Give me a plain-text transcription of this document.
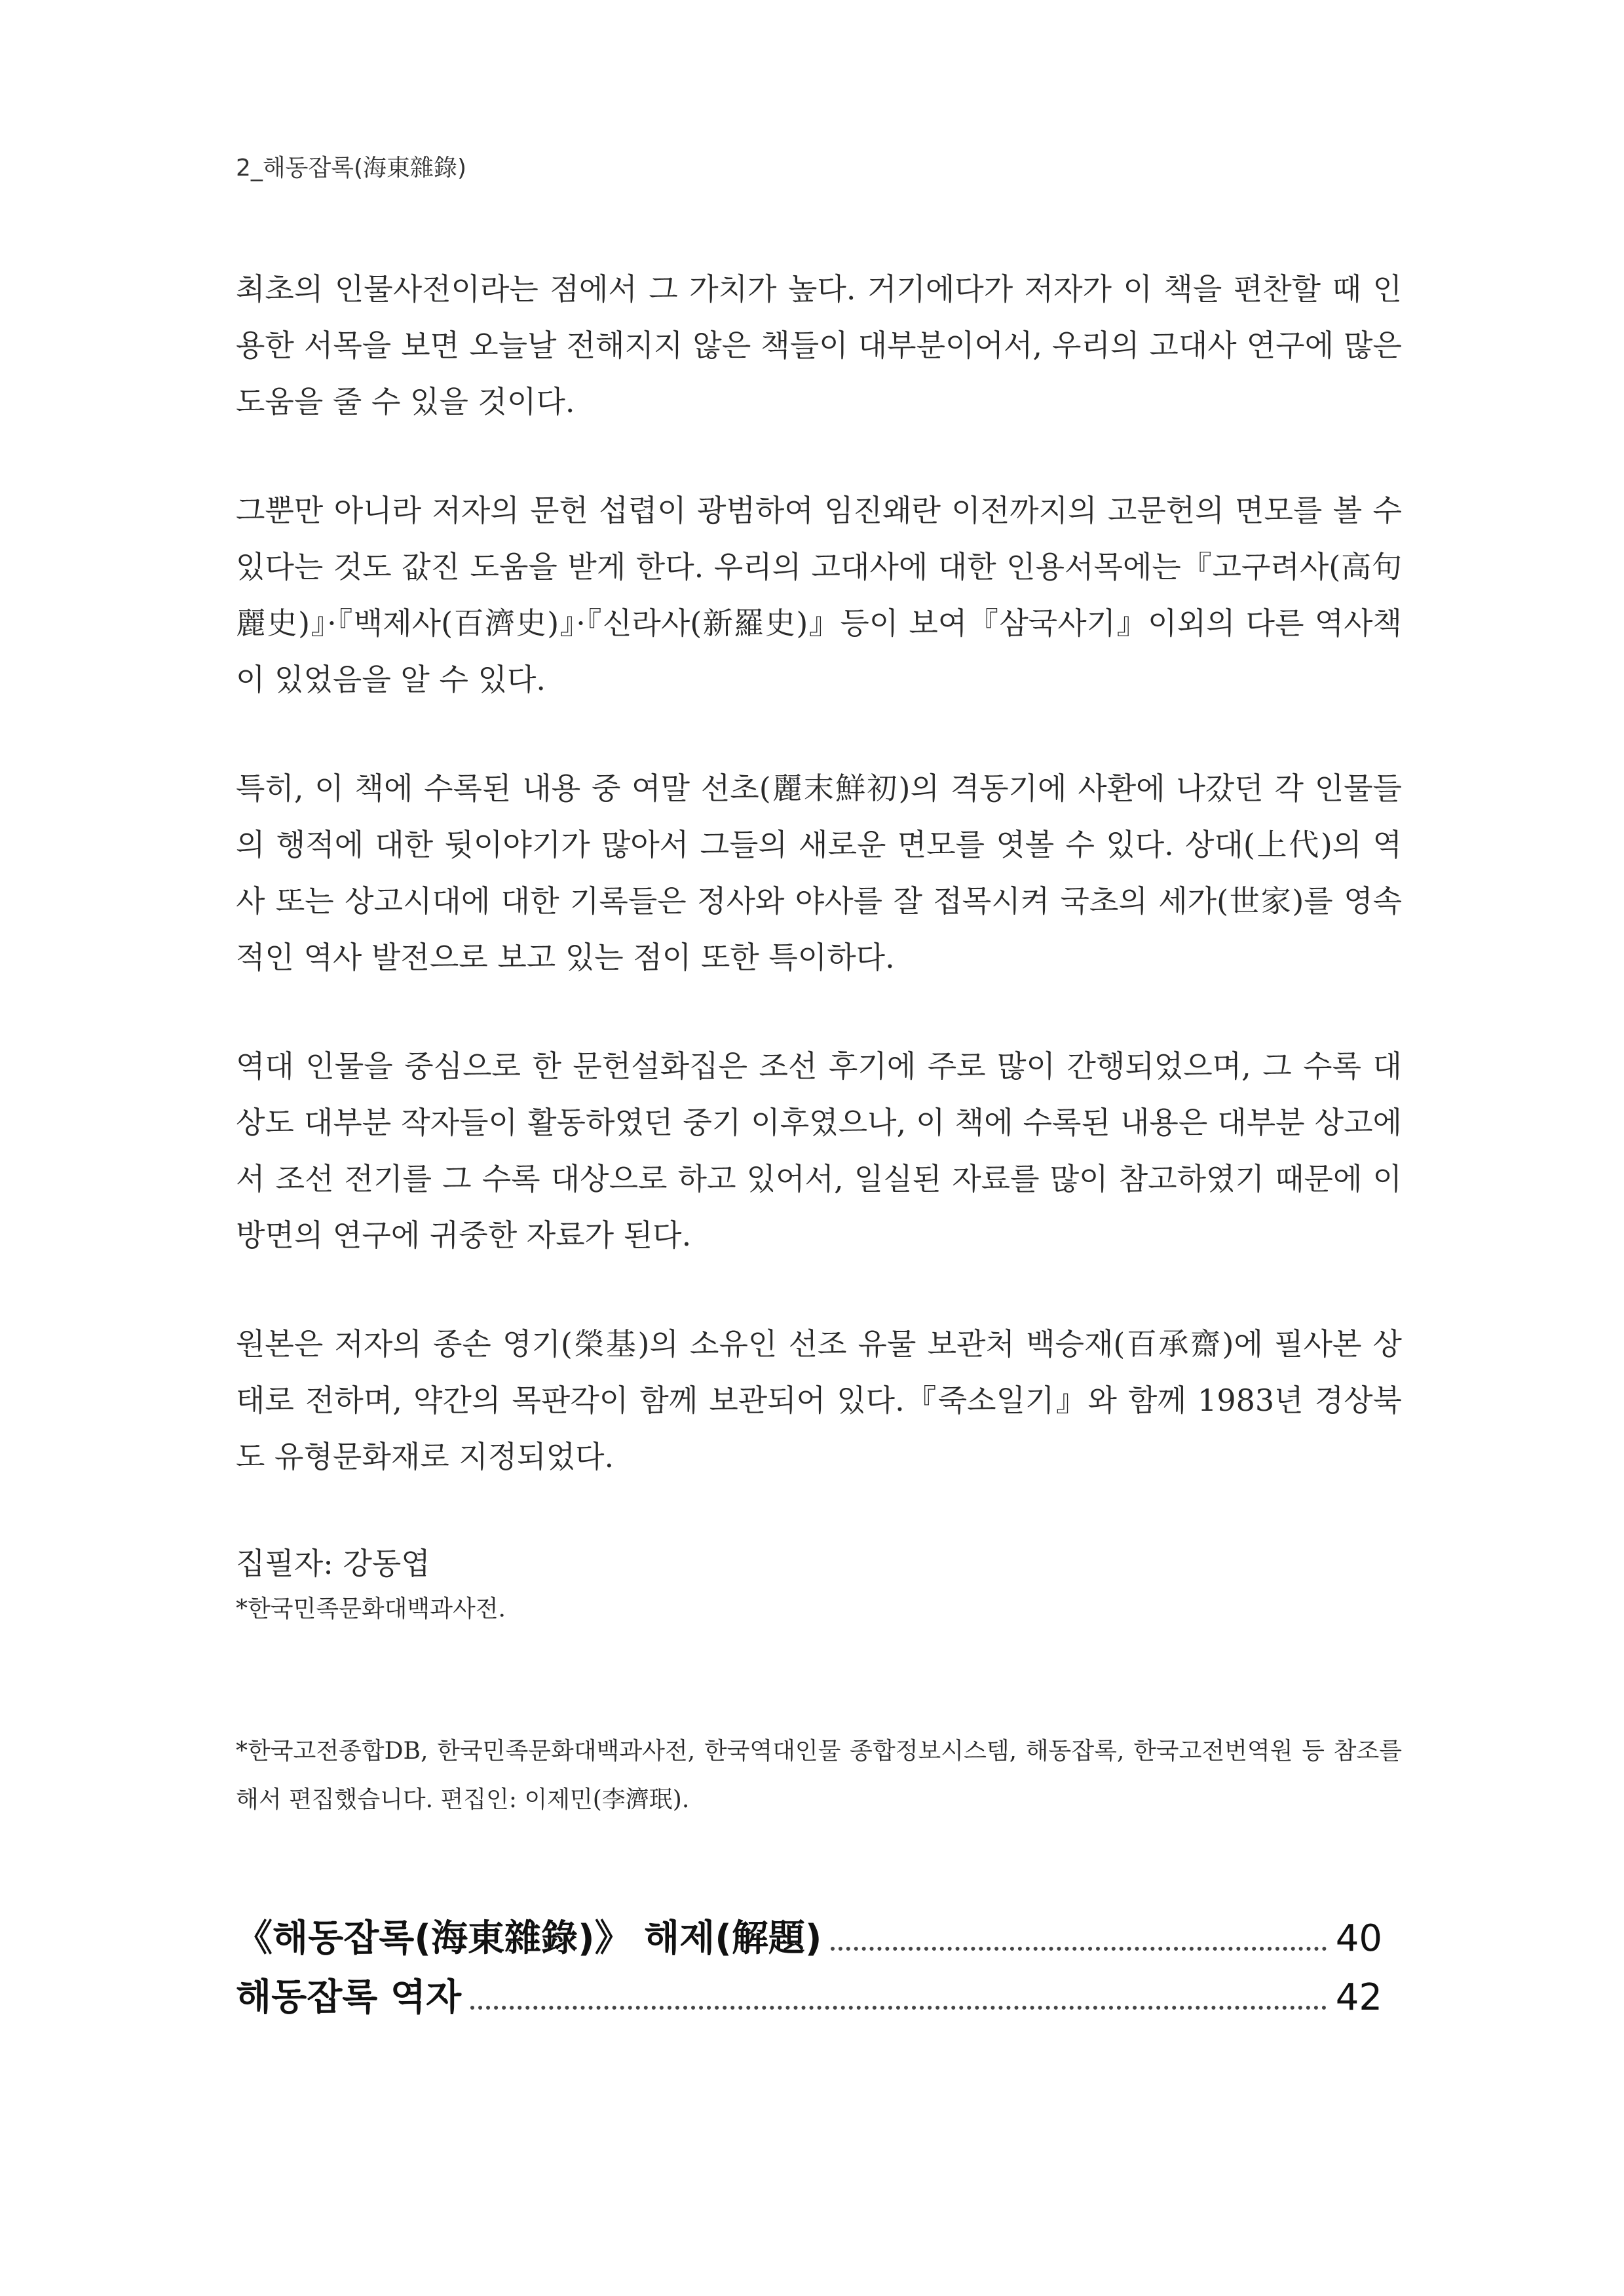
2_해동잡록(海東雜錄)

최초의 인물사전이라는 점에서 그 가치가 높다. 거기에다가 저자가 이 책을 편찬할 때 인용한 서목을 보면 오늘날 전해지지 않은 책들이 대부분이어서, 우리의 고대사 연구에 많은 도움을 줄 수 있을 것이다.

그뿐만 아니라 저자의 문헌 섭렵이 광범하여 임진왜란 이전까지의 고문헌의 면모를 볼 수 있다는 것도 값진 도움을 받게 한다. 우리의 고대사에 대한 인용서목에는『고구려사(高句麗史)』·『백제사(百濟史)』·『신라사(新羅史)』등이 보여『삼국사기』이외의 다른 역사책이 있었음을 알 수 있다.

특히, 이 책에 수록된 내용 중 여말 선초(麗末鮮初)의 격동기에 사환에 나갔던 각 인물들의 행적에 대한 뒷이야기가 많아서 그들의 새로운 면모를 엿볼 수 있다. 상대(上代)의 역사 또는 상고시대에 대한 기록들은 정사와 야사를 잘 접목시켜 국초의 세가(世家)를 영속적인 역사 발전으로 보고 있는 점이 또한 특이하다.

역대 인물을 중심으로 한 문헌설화집은 조선 후기에 주로 많이 간행되었으며, 그 수록 대상도 대부분 작자들이 활동하였던 중기 이후였으나, 이 책에 수록된 내용은 대부분 상고에서 조선 전기를 그 수록 대상으로 하고 있어서, 일실된 자료를 많이 참고하였기 때문에 이 방면의 연구에 귀중한 자료가 된다.

원본은 저자의 종손 영기(榮基)의 소유인 선조 유물 보관처 백승재(百承齋)에 필사본 상태로 전하며, 약간의 목판각이 함께 보관되어 있다.『죽소일기』와 함께 1983년 경상북도 유형문화재로 지정되었다.

집필자: 강동엽

*한국민족문화대백과사전.

*한국고전종합DB, 한국민족문화대백과사전, 한국역대인물 종합정보시스템, 해동잡록, 한국고전번역원 등 참조를 해서 편집했습니다. 편집인: 이제민(李濟珉).

《해동잡록(海東雜錄)》 해제(解題)	40
해동잡록 역자	42
